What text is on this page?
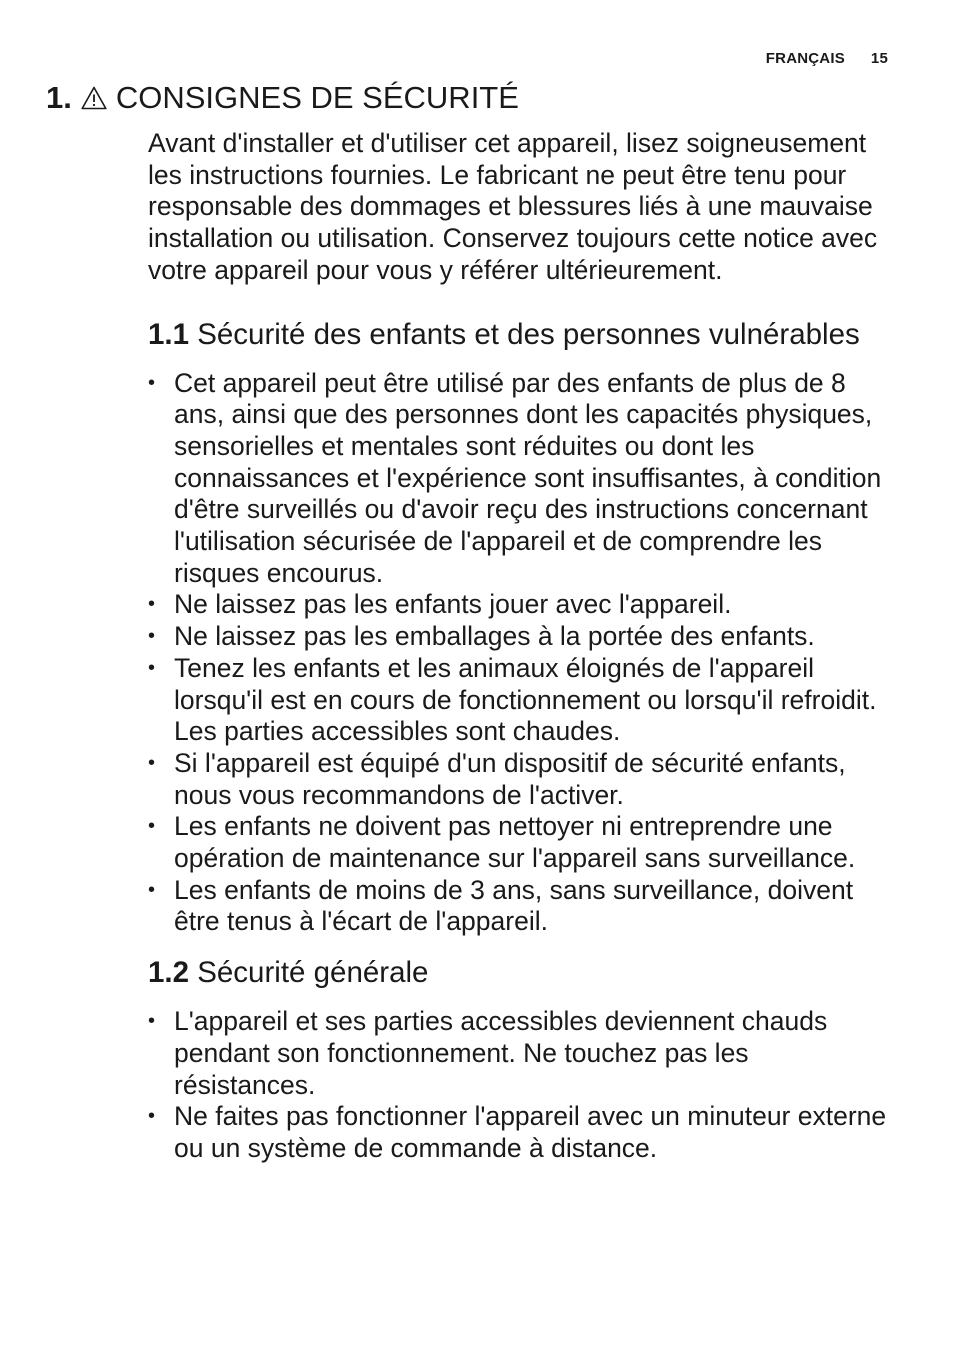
FRANÇAIS 15
1. CONSIGNES DE SÉCURITÉ

Avant d'installer et d'utiliser cet appareil, lisez soigneusement les instructions fournies. Le fabricant ne peut être tenu pour responsable des dommages et blessures liés à une mauvaise installation ou utilisation. Conservez toujours cette notice avec votre appareil pour vous y référer ultérieurement.

1.1 Sécurité des enfants et des personnes vulnérables
• Cet appareil peut être utilisé par des enfants de plus de 8 ans, ainsi que des personnes dont les capacités physiques, sensorielles et mentales sont réduites ou dont les connaissances et l'expérience sont insuffisantes, à condition d'être surveillés ou d'avoir reçu des instructions concernant l'utilisation sécurisée de l'appareil et de comprendre les risques encourus.
• Ne laissez pas les enfants jouer avec l'appareil.
• Ne laissez pas les emballages à la portée des enfants.
• Tenez les enfants et les animaux éloignés de l'appareil lorsqu'il est en cours de fonctionnement ou lorsqu'il refroidit. Les parties accessibles sont chaudes.
• Si l'appareil est équipé d'un dispositif de sécurité enfants, nous vous recommandons de l'activer.
• Les enfants ne doivent pas nettoyer ni entreprendre une opération de maintenance sur l'appareil sans surveillance.
• Les enfants de moins de 3 ans, sans surveillance, doivent être tenus à l'écart de l'appareil.
1.2 Sécurité générale
• L'appareil et ses parties accessibles deviennent chauds pendant son fonctionnement. Ne touchez pas les résistances.
• Ne faites pas fonctionner l'appareil avec un minuteur externe ou un système de commande à distance.
